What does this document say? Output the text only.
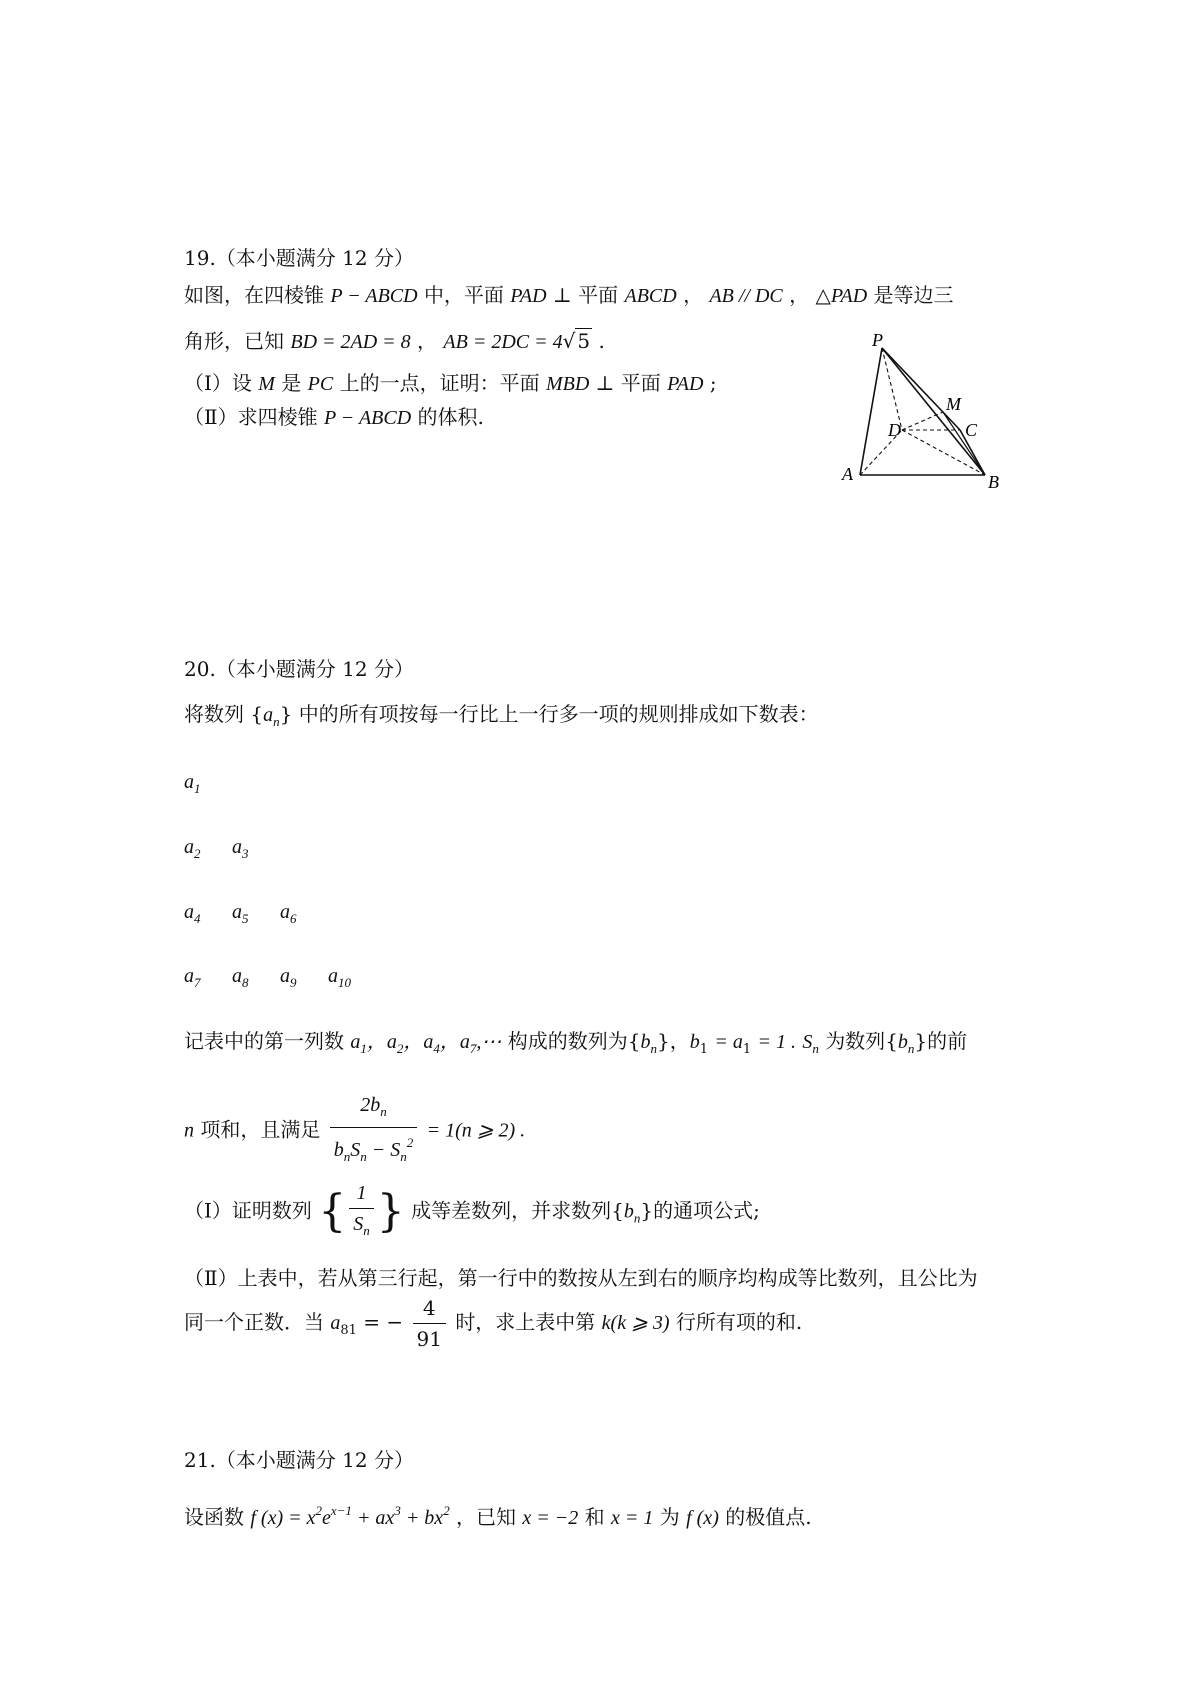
19.（本小题满分 12 分）
如图，在四棱锥 P − ABCD 中，平面 PAD ⊥ 平面 ABCD ， AB // DC ， △PAD 是等边三
角形，已知 BD = 2AD = 8 ， AB = 2DC = 4√ 5 .
（Ⅰ）设 M 是 PC 上的一点，证明：平面 MBD ⊥ 平面 PAD ;
（Ⅱ）求四棱锥 P − ABCD 的体积.
P
M
D	C
A	B
20.（本小题满分 12 分）
将数列 $\{a_n\}$ 中的所有项按每一行比上一行多一项的规则排成如下数表：
$a_1$
$a_2$ $a_3$
$a_4$ $a_5$ $a_6$
$a_7$ $a_8$ $a_9$ $a_{10}$
记表中的第一列数 $a_1$，$a_2$，$a_4$，$a_7,\cdots$ 构成的数列为$\{b_n\}$，$b_1 = a_1 = 1$ . $S_n$ 为数列$\{b_n\}$的前
n 项和，且满足 $\frac{2b_n}{b_nS_n - S_n^2} = 1(n$ ⩾ 2) .
（Ⅰ）证明数列 { $\frac{1}{S_n}$ } 成等差数列，并求数列$\{b_n\}$的通项公式;
（Ⅱ）上表中，若从第三行起，第一行中的数按从左到右的顺序均构成等比数列，且公比为
同一个正数．当 $a_{81}$ = − $\frac{4}{91}$ 时，求上表中第 k(k ⩾ 3) 行所有项的和.
21.（本小题满分 12 分）
设函数 f $(x) = x^2e^{x-1} + ax^3 + bx^2$ ，已知 x = −2 和 x = 1 为 f (x) 的极值点.
